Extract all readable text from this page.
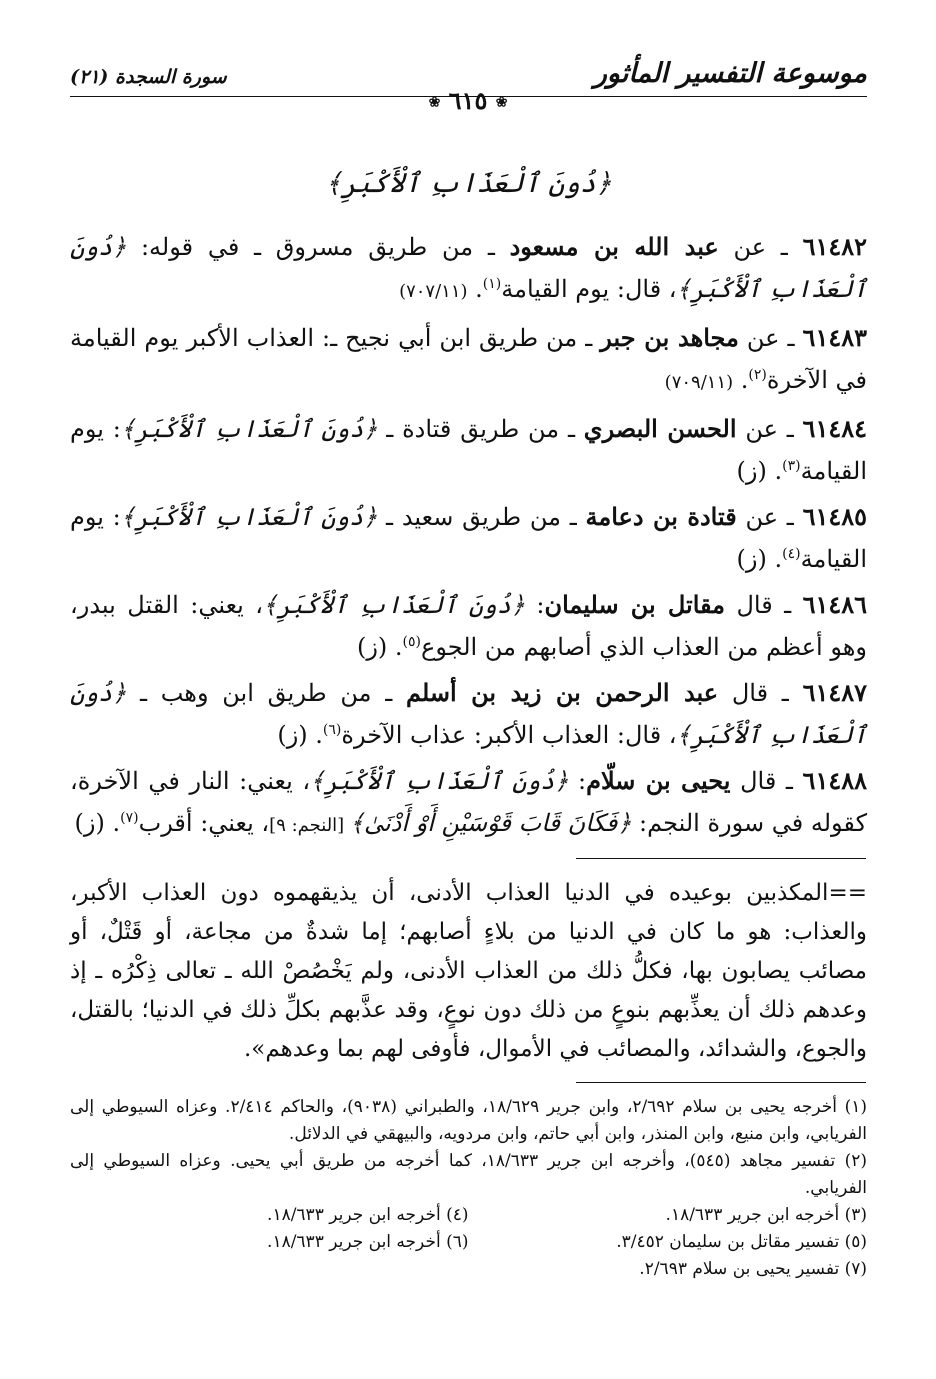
موسوعة التفسير المأثور
سورة السجدة (٢١)
❀ ٦١٥ ❀
﴿دُونَ ٱلْعَذَابِ ٱلْأَكْبَرِ﴾

٦١٤٨٢ ـ عن عبد الله بن مسعود ـ من طريق مسروق ـ في قوله: ﴿دُونَ ٱلْعَذَابِ ٱلْأَكْبَرِ﴾، قال: يوم القيامة$^{(١)}$. (٧٠٧/١١)

٦١٤٨٣ ـ عن مجاهد بن جبر ـ من طريق ابن أبي نجيح ـ: العذاب الأكبر يوم القيامة في الآخرة$^{(٢)}$. (٧٠٩/١١)

٦١٤٨٤ ـ عن الحسن البصري ـ من طريق قتادة ـ ﴿دُونَ ٱلْعَذَابِ ٱلْأَكْبَرِ﴾: يوم القيامة$^{(٣)}$. (ز)

٦١٤٨٥ ـ عن قتادة بن دعامة ـ من طريق سعيد ـ ﴿دُونَ ٱلْعَذَابِ ٱلْأَكْبَرِ﴾: يوم القيامة$^{(٤)}$. (ز)

٦١٤٨٦ ـ قال مقاتل بن سليمان: ﴿دُونَ ٱلْعَذَابِ ٱلْأَكْبَرِ﴾، يعني: القتل ببدر، وهو أعظم من العذاب الذي أصابهم من الجوع$^{(٥)}$. (ز)

٦١٤٨٧ ـ قال عبد الرحمن بن زيد بن أسلم ـ من طريق ابن وهب ـ ﴿دُونَ ٱلْعَذَابِ ٱلْأَكْبَرِ﴾، قال: العذاب الأكبر: عذاب الآخرة$^{(٦)}$. (ز)

٦١٤٨٨ ـ قال يحيى بن سلّام: ﴿دُونَ ٱلْعَذَابِ ٱلْأَكْبَرِ﴾، يعني: النار في الآخرة، كقوله في سورة النجم: ﴿فَكَانَ قَابَ قَوْسَيْنِ أَوْ أَدْنَىٰ﴾ [النجم: ٩]، يعني: أقرب$^{(٧)}$. (ز)

==المكذبين بوعيده في الدنيا العذاب الأدنى، أن يذيقهموه دون العذاب الأكبر، والعذاب: هو ما كان في الدنيا من بلاءٍ أصابهم؛ إما شدةٌ من مجاعة، أو قَتْلٌ، أو مصائب يصابون بها، فكلُّ ذلك من العذاب الأدنى، ولم يَخْصُصْ الله ـ تعالى ذِكْرُه ـ إذ وعدهم ذلك أن يعذِّبهم بنوعٍ من ذلك دون نوعٍ، وقد عذَّبهم بكلِّ ذلك في الدنيا؛ بالقتل، والجوع، والشدائد، والمصائب في الأموال، فأوفى لهم بما وعدهم».

(١) أخرجه يحيى بن سلام ٢/٦٩٢، وابن جرير ١٨/٦٢٩، والطبراني (٩٠٣٨)، والحاكم ٢/٤١٤. وعزاه السيوطي إلى الفريابي، وابن منيع، وابن المنذر، وابن أبي حاتم، وابن مردويه، والبيهقي في الدلائل.

(٢) تفسير مجاهد (٥٤٥)، وأخرجه ابن جرير ١٨/٦٣٣، كما أخرجه من طريق أبي يحيى. وعزاه السيوطي إلى الفريابي.

(٣) أخرجه ابن جرير ١٨/٦٣٣.

(٤) أخرجه ابن جرير ١٨/٦٣٣.

(٥) تفسير مقاتل بن سليمان ٣/٤٥٢.

(٦) أخرجه ابن جرير ١٨/٦٣٣.

(٧) تفسير يحيى بن سلام ٢/٦٩٣.
